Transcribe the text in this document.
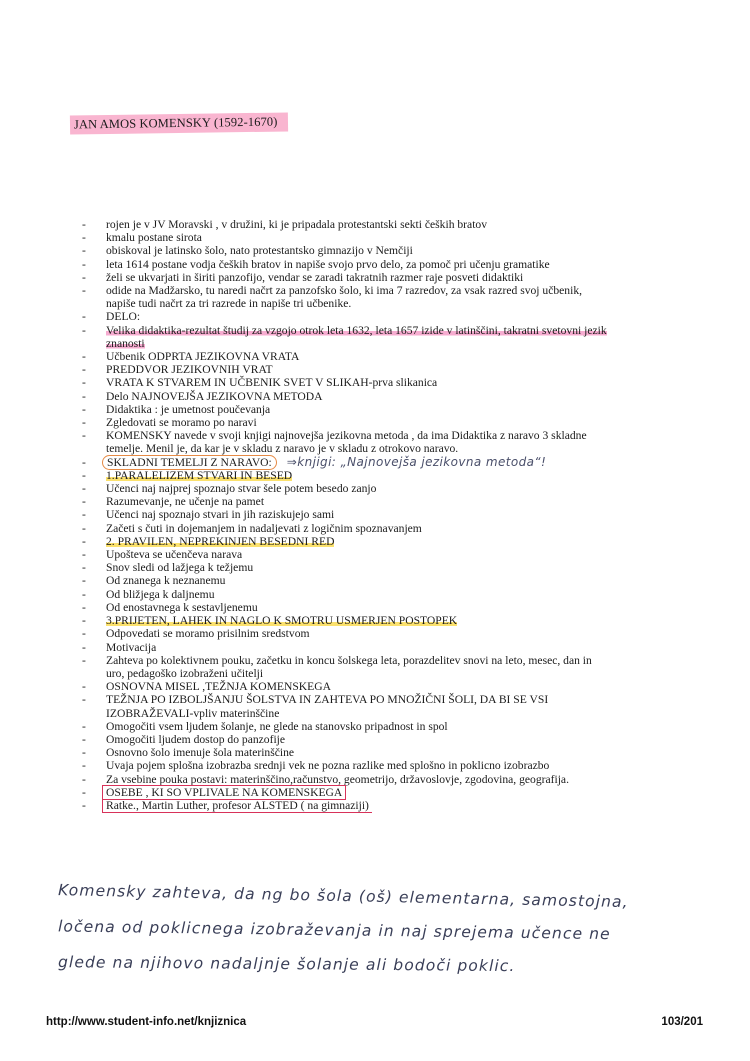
JAN AMOS KOMENSKY (1592-1670)
- rojen je v JV Moravski , v družini, ki je pripadala protestantski sekti čeških bratov
- kmalu postane sirota
- obiskoval je latinsko šolo, nato protestantsko gimnazijo v Nemčiji
- leta 1614 postane vodja čeških bratov in napiše svojo prvo delo, za pomoč pri učenju gramatike
- želi se ukvarjati in širiti panzofijo, vendar se zaradi takratnih razmer raje posveti didaktiki
- odide na Madžarsko, tu naredi načrt za panzofsko šolo, ki ima 7 razredov, za vsak razred svoj učbenik,
napiše tudi načrt za tri razrede in napiše tri učbenike.
- DELO:
- Velika didaktika-rezultat študij za vzgojo otrok leta 1632, leta 1657 izide v latinščini, takratni svetovni jezik
znanosti
- Učbenik ODPRTA JEZIKOVNA VRATA
- PREDDVOR JEZIKOVNIH VRAT
- VRATA K STVAREM IN UČBENIK SVET V SLIKAH-prva slikanica
- Delo NAJNOVEJŠA JEZIKOVNA METODA
- Didaktika : je umetnost poučevanja
- Zgledovati se moramo po naravi
- KOMENSKY navede v svoji knjigi najnovejša jezikovna metoda , da ima Didaktika z naravo 3 skladne
temelje. Menil je, da kar je v skladu z naravo je v skladu z otrokovo naravo.
- SKLADNI TEMELJI Z NARAVO: ⇒knjigi: „Najnovejša jezikovna metoda“!
- 1.PARALELIZEM STVARI IN BESED
- Učenci naj najprej spoznajo stvar šele potem besedo zanjo
- Razumevanje, ne učenje na pamet
- Učenci naj spoznajo stvari in jih raziskujejo sami
- Začeti s čuti in dojemanjem in nadaljevati z logičnim spoznavanjem
- 2. PRAVILEN, NEPREKINJEN BESEDNI RED
- Upošteva se učenčeva narava
- Snov sledi od lažjega k težjemu
- Od znanega k neznanemu
- Od bližjega k daljnemu
- Od enostavnega k sestavljenemu
- 3.PRIJETEN, LAHEK IN NAGLO K SMOTRU USMERJEN POSTOPEK
- Odpovedati se moramo prisilnim sredstvom
- Motivacija
- Zahteva po kolektivnem pouku, začetku in koncu šolskega leta, porazdelitev snovi na leto, mesec, dan in
uro, pedagoško izobraženi učitelji
- OSNOVNA MISEL ,TEŽNJA KOMENSKEGA
- TEŽNJA PO IZBOLJŠANJU ŠOLSTVA IN ZAHTEVA PO MNOŽIČNI ŠOLI, DA BI SE VSI
IZOBRAŽEVALI-vpliv materinščine
- Omogočiti vsem ljudem šolanje, ne glede na stanovsko pripadnost in spol
- Omogočiti ljudem dostop do panzofije
- Osnovno šolo imenuje šola materinščine
- Uvaja pojem splošna izobrazba srednji vek ne pozna razlike med splošno in poklicno izobrazbo
- Za vsebine pouka postavi: materinščino,računstvo, geometrijo, državoslovje, zgodovina, geografija.
- OSEBE , KI SO VPLIVALE NA KOMENSKEGA
- Ratke., Martin Luther, profesor ALSTED ( na gimnaziji)
Komensky zahteva, da ng bo šola (oš) elementarna, samostojna,
ločena od poklicnega izobraževanja in naj sprejema učence ne
glede na njihovo nadaljnje šolanje ali bodoči poklic.
http://www.student-info.net/knjiznica	103/201
